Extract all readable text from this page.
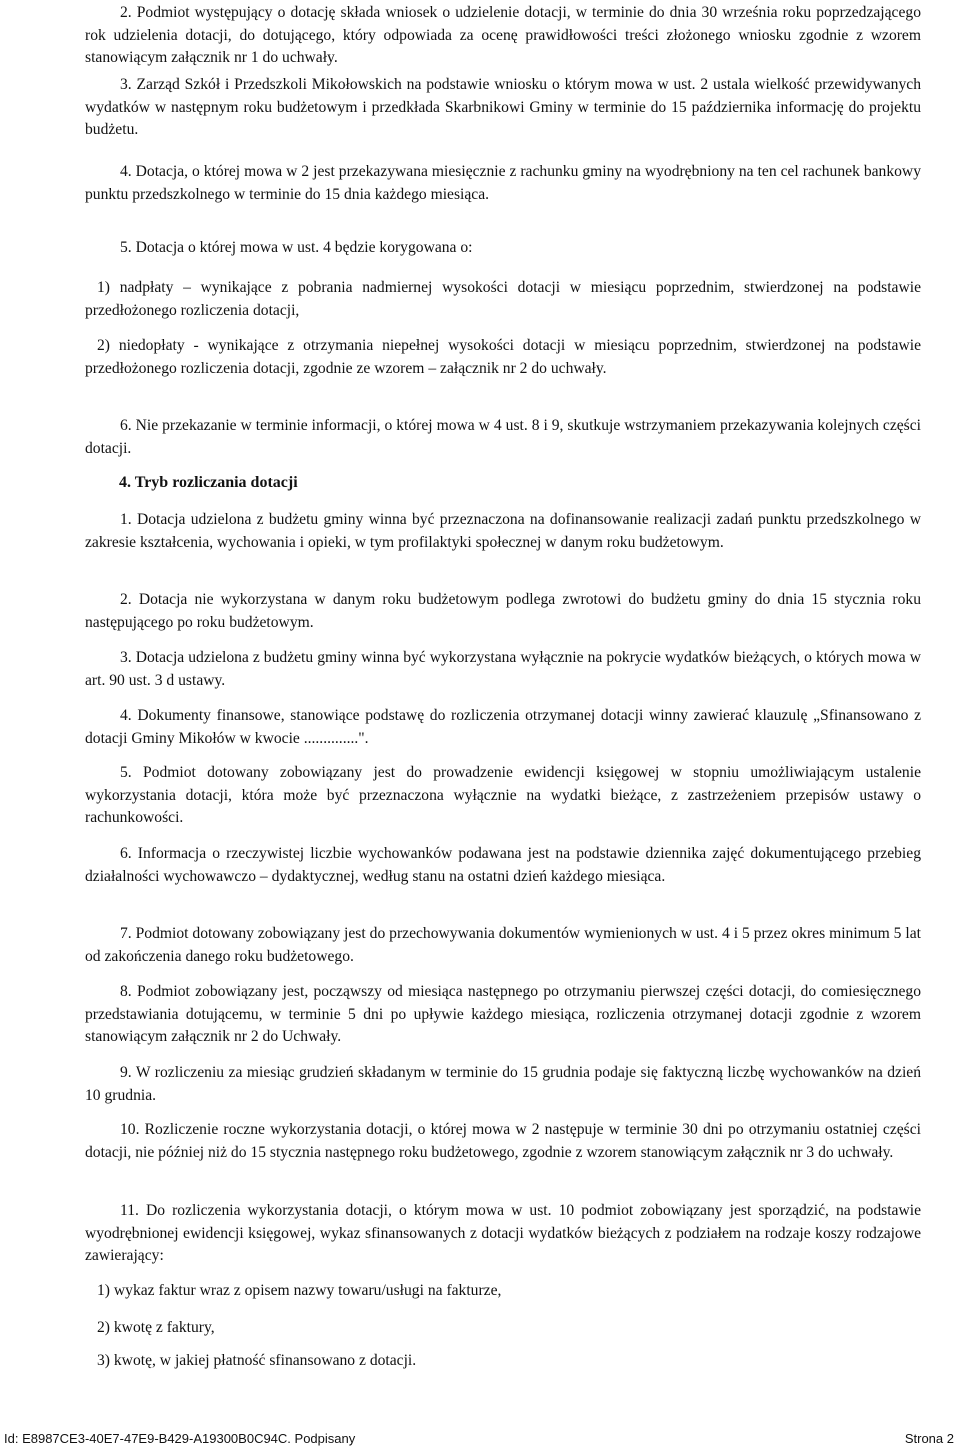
2. Podmiot występujący o dotację składa wniosek o udzielenie dotacji, w terminie do dnia 30 września roku poprzedzającego rok udzielenia dotacji, do dotującego, który odpowiada za ocenę prawidłowości treści złożonego wniosku zgodnie z wzorem stanowiącym załącznik nr 1 do uchwały.

3. Zarząd Szkół i Przedszkoli Mikołowskich na podstawie wniosku o którym mowa w ust. 2 ustala wielkość przewidywanych wydatków w następnym roku budżetowym i przedkłada Skarbnikowi Gminy w terminie do 15 października informację do projektu budżetu.

4. Dotacja, o której mowa w 2 jest przekazywana miesięcznie z rachunku gminy na wyodrębniony na ten cel rachunek bankowy punktu przedszkolnego w terminie do 15 dnia każdego miesiąca.

5. Dotacja o której mowa w ust. 4 będzie korygowana o:

1) nadpłaty – wynikające z pobrania nadmiernej wysokości dotacji w miesiącu poprzednim, stwierdzonej na podstawie przedłożonego rozliczenia dotacji,

2) niedopłaty - wynikające z otrzymania niepełnej wysokości dotacji w miesiącu poprzednim, stwierdzonej na podstawie przedłożonego rozliczenia dotacji, zgodnie ze wzorem – załącznik nr 2 do uchwały.

6. Nie przekazanie w terminie informacji, o której mowa w 4 ust. 8 i 9, skutkuje wstrzymaniem przekazywania kolejnych części dotacji.

4. Tryb rozliczania dotacji

1. Dotacja udzielona z budżetu gminy winna być przeznaczona na dofinansowanie realizacji zadań punktu przedszkolnego w zakresie kształcenia, wychowania i opieki, w tym profilaktyki społecznej w danym roku budżetowym.

2. Dotacja nie wykorzystana w danym roku budżetowym podlega zwrotowi do budżetu gminy do dnia 15 stycznia roku następującego po roku budżetowym.

3. Dotacja udzielona z budżetu gminy winna być wykorzystana wyłącznie na pokrycie wydatków bieżących, o których mowa w art. 90 ust. 3 d ustawy.

4. Dokumenty finansowe, stanowiące podstawę do rozliczenia otrzymanej dotacji winny zawierać klauzulę „Sfinansowano z dotacji Gminy Mikołów w kwocie ..............".

5. Podmiot dotowany zobowiązany jest do prowadzenie ewidencji księgowej w stopniu umożliwiającym ustalenie wykorzystania dotacji, która może być przeznaczona wyłącznie na wydatki bieżące, z zastrzeżeniem przepisów ustawy o rachunkowości.

6. Informacja o rzeczywistej liczbie wychowanków podawana jest na podstawie dziennika zajęć dokumentującego przebieg działalności wychowawczo – dydaktycznej, według stanu na ostatni dzień każdego miesiąca.

7. Podmiot dotowany zobowiązany jest do przechowywania dokumentów wymienionych w ust. 4 i 5 przez okres minimum 5 lat od zakończenia danego roku budżetowego.

8. Podmiot zobowiązany jest, począwszy od miesiąca następnego po otrzymaniu pierwszej części dotacji, do comiesięcznego przedstawiania dotującemu, w terminie 5 dni po upływie każdego miesiąca, rozliczenia otrzymanej dotacji zgodnie z wzorem stanowiącym załącznik nr 2 do Uchwały.

9. W rozliczeniu za miesiąc grudzień składanym w terminie do 15 grudnia podaje się faktyczną liczbę wychowanków na dzień 10 grudnia.

10. Rozliczenie roczne wykorzystania dotacji, o której mowa w 2 następuje w terminie 30 dni po otrzymaniu ostatniej części dotacji, nie później niż do 15 stycznia następnego roku budżetowego, zgodnie z wzorem stanowiącym załącznik nr 3 do uchwały.

11. Do rozliczenia wykorzystania dotacji, o którym mowa w ust. 10 podmiot zobowiązany jest sporządzić, na podstawie wyodrębnionej ewidencji księgowej, wykaz sfinansowanych z dotacji wydatków bieżących z podziałem na rodzaje koszy rodzajowe zawierający:

1) wykaz faktur wraz z opisem nazwy towaru/usługi na fakturze,

2) kwotę z faktury,

3) kwotę, w jakiej płatność sfinansowano z dotacji.

Id: E8987CE3-40E7-47E9-B429-A19300B0C94C. Podpisany	Strona 2
